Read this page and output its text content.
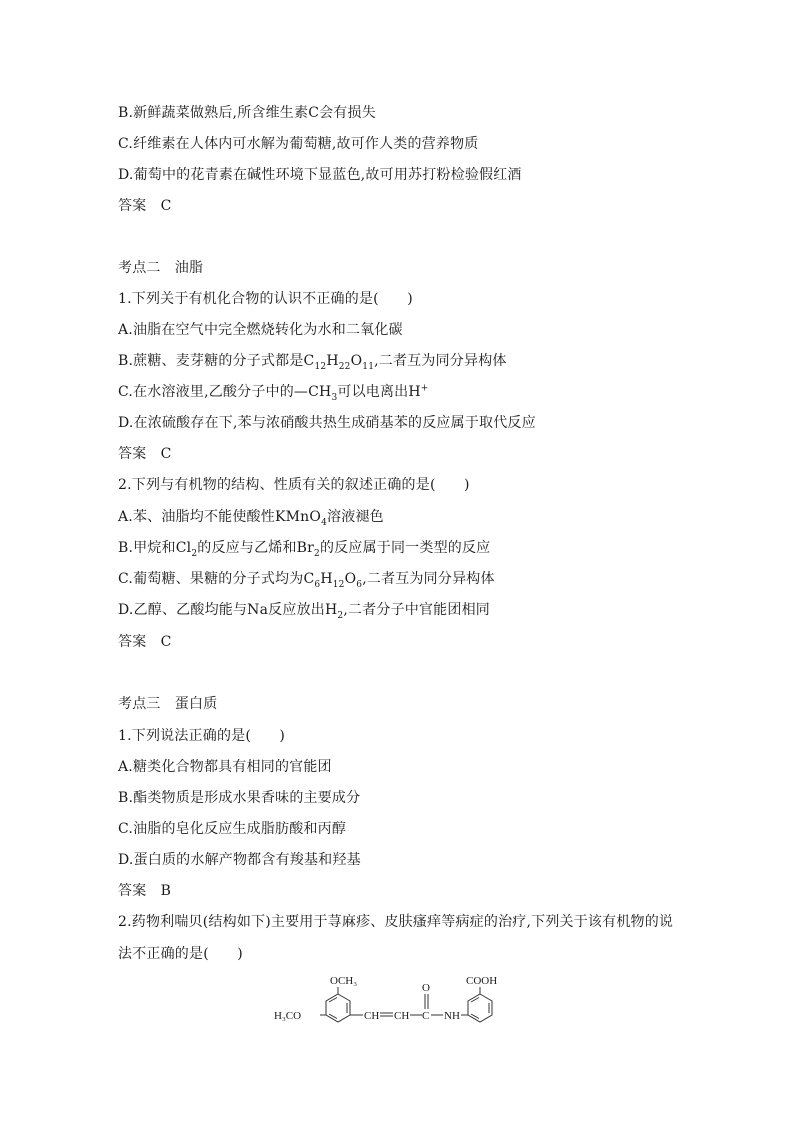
B.新鲜蔬菜做熟后,所含维生素C会有损失
C.纤维素在人体内可水解为葡萄糖,故可作人类的营养物质
D.葡萄中的花青素在碱性环境下显蓝色,故可用苏打粉检验假红酒
答案　C
考点二　油脂
1.下列关于有机化合物的认识不正确的是(　　)
A.油脂在空气中完全燃烧转化为水和二氧化碳
B.蔗糖、麦芽糖的分子式都是$C_{12}H_{22}O_{11}$,二者互为同分异构体
C.在水溶液里,乙酸分子中的$—CH_3$可以电离出H+
D.在浓硫酸存在下,苯与浓硝酸共热生成硝基苯的反应属于取代反应
答案　C
2.下列与有机物的结构、性质有关的叙述正确的是(　　)
A.苯、油脂均不能使酸性KMnO$_4$溶液褪色
B.甲烷和$Cl_2$的反应与乙烯和$Br_2$的反应属于同一类型的反应
C.葡萄糖、果糖的分子式均为$C_6H_{12}O_6$,二者互为同分异构体
D.乙醇、乙酸均能与Na反应放出$H_2$,二者分子中官能团相同
答案　C
考点三　蛋白质
1.下列说法正确的是(　　)
A.糖类化合物都具有相同的官能团
B.酯类物质是形成水果香味的主要成分
C.油脂的皂化反应生成脂肪酸和丙醇
D.蛋白质的水解产物都含有羧基和羟基
答案　B
2.药物利喘贝(结构如下)主要用于荨麻疹、皮肤瘙痒等病症的治疗,下列关于该有机物的说
法不正确的是(　　)
OCH₃
H₃CO	CH CH C
O
NH
COOH
